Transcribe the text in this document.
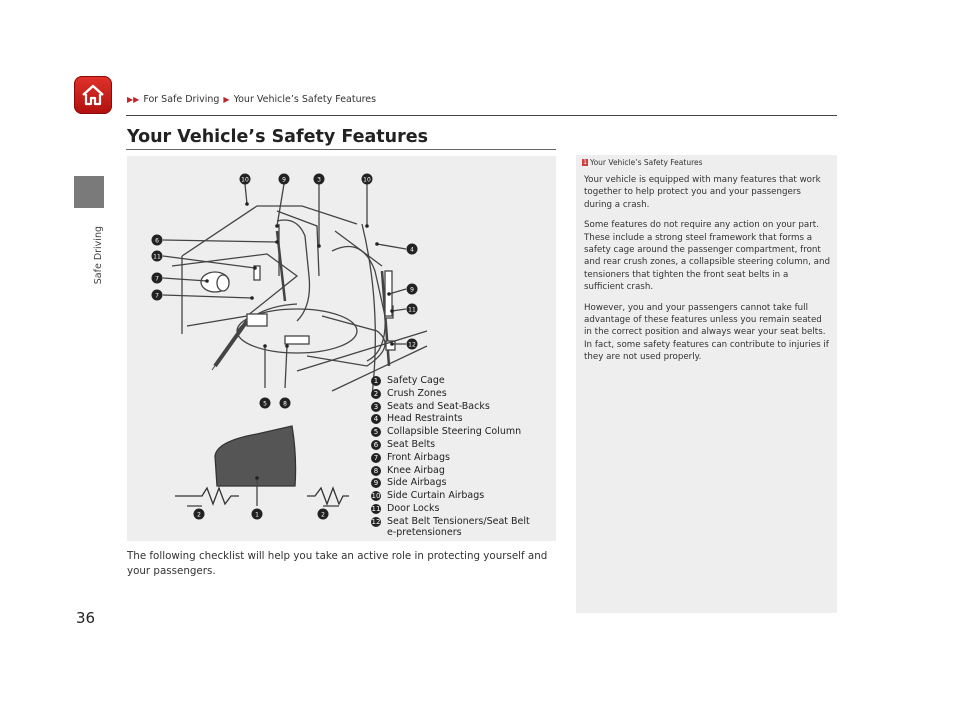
Safe Driving
▶▶ For Safe Driving ▶ Your Vehicle’s Safety Features
Your Vehicle’s Safety Features
10	9	3	10
6
11
7
7
4
9
11
12
5	8
2	1	2
1 Safety Cage
2 Crush Zones
3 Seats and Seat-Backs
4 Head Restraints
5 Collapsible Steering Column
6 Seat Belts
7 Front Airbags
8 Knee Airbag
9 Side Airbags
10 Side Curtain Airbags
11 Door Locks
12 Seat Belt Tensioners/Seat Belt e-pretensioners
The following checklist will help you take an active role in protecting yourself and your passengers.
1 Your Vehicle’s Safety Features

Your vehicle is equipped with many features that work together to help protect you and your passengers during a crash.

Some features do not require any action on your part. These include a strong steel framework that forms a safety cage around the passenger compartment, front and rear crush zones, a collapsible steering column, and tensioners that tighten the front seat belts in a sufficient crash.

However, you and your passengers cannot take full advantage of these features unless you remain seated in the correct position and always wear your seat belts. In fact, some safety features can contribute to injuries if they are not used properly.

36
